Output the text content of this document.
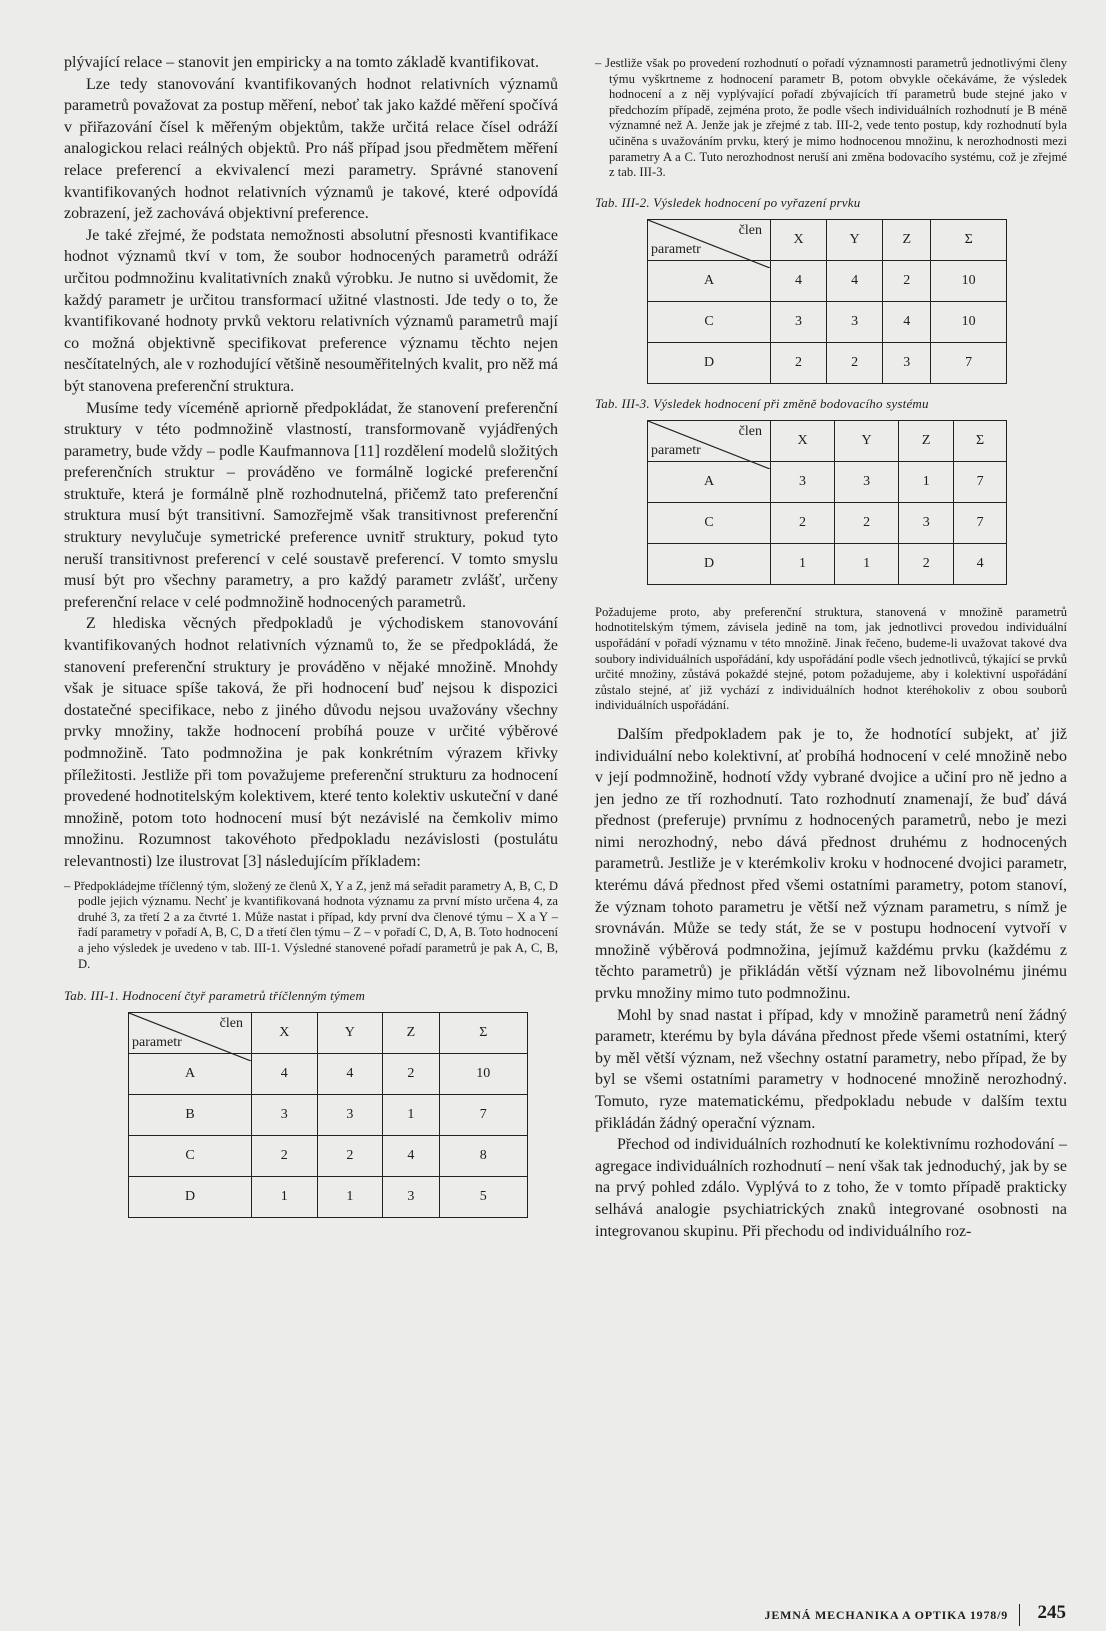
plývající relace – stanovit jen empiricky a na tomto základě kvantifikovat.

Lze tedy stanovování kvantifikovaných hodnot relativních významů parametrů považovat za postup měření, neboť tak jako každé měření spočívá v přiřazování čísel k měřeným objektům, takže určitá relace čísel odráží analogickou relaci reálných objektů. Pro náš případ jsou předmětem měření relace preferencí a ekvivalencí mezi parametry. Správné stanovení kvantifikovaných hodnot relativních významů je takové, které odpovídá zobrazení, jež zachovává objektivní preference.

Je také zřejmé, že podstata nemožnosti absolutní přesnosti kvantifikace hodnot významů tkví v tom, že soubor hodnocených parametrů odráží určitou podmnožinu kvalitativních znaků výrobku. Je nutno si uvědomit, že každý parametr je určitou transformací užitné vlastnosti. Jde tedy o to, že kvantifikované hodnoty prvků vektoru relativních významů parametrů mají co možná objektivně specifikovat preference významu těchto nejen nesčítatelných, ale v rozhodující většině nesouměřitelných kvalit, pro něž má být stanovena preferenční struktura.

Musíme tedy víceméně apriorně předpokládat, že stanovení preferenční struktury v této podmnožině vlastností, transformovaně vyjádřených parametry, bude vždy – podle Kaufmannova [11] rozdělení modelů složitých preferenčních struktur – prováděno ve formálně logické preferenční struktuře, která je formálně plně rozhodnutelná, přičemž tato preferenční struktura musí být transitivní. Samozřejmě však transitivnost preferenční struktury nevylučuje symetrické preference uvnitř struktury, pokud tyto neruší transitivnost preferencí v celé soustavě preferencí. V tomto smyslu musí být pro všechny parametry, a pro každý parametr zvlášť, určeny preferenční relace v celé podmnožině hodnocených parametrů.

Z hlediska věcných předpokladů je východiskem stanovování kvantifikovaných hodnot relativních významů to, že se předpokládá, že stanovení preferenční struktury je prováděno v nějaké množině. Mnohdy však je situace spíše taková, že při hodnocení buď nejsou k dispozici dostatečné specifikace, nebo z jiného důvodu nejsou uvažovány všechny prvky množiny, takže hodnocení probíhá pouze v určité výběrové podmnožině. Tato podmnožina je pak konkrétním výrazem křivky příležitosti. Jestliže při tom považujeme preferenční strukturu za hodnocení provedené hodnotitelským kolektivem, které tento kolektiv uskuteční v dané množině, potom toto hodnocení musí být nezávislé na čemkoliv mimo množinu. Rozumnost takovéhoto předpokladu nezávislosti (postulátu relevantnosti) lze ilustrovat [3] následujícím příkladem:

– Předpokládejme tříčlenný tým, složený ze členů X, Y a Z, jenž má seřadit parametry A, B, C, D podle jejich významu. Nechť je kvantifikovaná hodnota významu za první místo určena 4, za druhé 3, za třetí 2 a za čtvrté 1. Může nastat i případ, kdy první dva členové týmu – X a Y – řadí parametry v pořadí A, B, C, D a třetí člen týmu – Z – v pořadí C, D, A, B. Toto hodnocení a jeho výsledek je uvedeno v tab. III-1. Výsledné stanovené pořadí parametrů je pak A, C, B, D.

Tab. III-1. Hodnocení čtyř parametrů tříčlenným týmem
člen
parametr	X	Y	Z	Σ
A	4	4	2	10
B	3	3	1	7
C	2	2	4	8
D	1	1	3	5

– Jestliže však po provedení rozhodnutí o pořadí významnosti parametrů jednotlivými členy týmu vyškrtneme z hodnocení parametr B, potom obvykle očekáváme, že výsledek hodnocení a z něj vyplývající pořadí zbývajících tří parametrů bude stejné jako v předchozím případě, zejména proto, že podle všech individuálních rozhodnutí je B méně významné než A. Jenže jak je zřejmé z tab. III-2, vede tento postup, kdy rozhodnutí byla učiněna s uvažováním prvku, který je mimo hodnocenou množinu, k nerozhodnosti mezi parametry A a C. Tuto nerozhodnost neruší ani změna bodovacího systému, což je zřejmé z tab. III-3.

Tab. III-2. Výsledek hodnocení po vyřazení prvku
člen
parametr	X	Y	Z	Σ
A	4	4	2	10
C	3	3	4	10
D	2	2	3	7
Tab. III-3. Výsledek hodnocení při změně bodovacího systému
člen
parametr	X	Y	Z	Σ
A	3	3	1	7
C	2	2	3	7
D	1	1	2	4

Požadujeme proto, aby preferenční struktura, stanovená v množině parametrů hodnotitelským týmem, závisela jedině na tom, jak jednotlivci provedou individuální uspořádání v pořadí významu v této množině. Jinak řečeno, budeme-li uvažovat takové dva soubory individuálních uspořádání, kdy uspořádání podle všech jednotlivců, týkající se prvků určité množiny, zůstává pokaždé stejné, potom požadujeme, aby i kolektivní uspořádání zůstalo stejné, ať již vychází z individuálních hodnot kteréhokoliv z obou souborů individuálních uspořádání.

Dalším předpokladem pak je to, že hodnotící subjekt, ať již individuální nebo kolektivní, ať probíhá hodnocení v celé množině nebo v její podmnožině, hodnotí vždy vybrané dvojice a učiní pro ně jedno a jen jedno ze tří rozhodnutí. Tato rozhodnutí znamenají, že buď dává přednost (preferuje) prvnímu z hodnocených parametrů, nebo je mezi nimi nerozhodný, nebo dává přednost druhému z hodnocených parametrů. Jestliže je v kterémkoliv kroku v hodnocené dvojici parametr, kterému dává přednost před všemi ostatními parametry, potom stanoví, že význam tohoto parametru je větší než význam parametru, s nímž je srovnáván. Může se tedy stát, že se v postupu hodnocení vytvoří v množině výběrová podmnožina, jejímuž každému prvku (každému z těchto parametrů) je přikládán větší význam než libovolnému jinému prvku množiny mimo tuto podmnožinu.

Mohl by snad nastat i případ, kdy v množině parametrů není žádný parametr, kterému by byla dávána přednost přede všemi ostatními, který by měl větší význam, než všechny ostatní parametry, nebo případ, že by byl se všemi ostatními parametry v hodnocené množině nerozhodný. Tomuto, ryze matematickému, předpokladu nebude v dalším textu přikládán žádný operační význam.

Přechod od individuálních rozhodnutí ke kolektivnímu rozhodování – agregace individuálních rozhodnutí – není však tak jednoduchý, jak by se na prvý pohled zdálo. Vyplývá to z toho, že v tomto případě prakticky selhává analogie psychiatrických znaků integrované osobnosti na integrovanou skupinu. Při přechodu od individuálního roz-

JEMNÁ MECHANIKA A OPTIKA 1978/9 245
